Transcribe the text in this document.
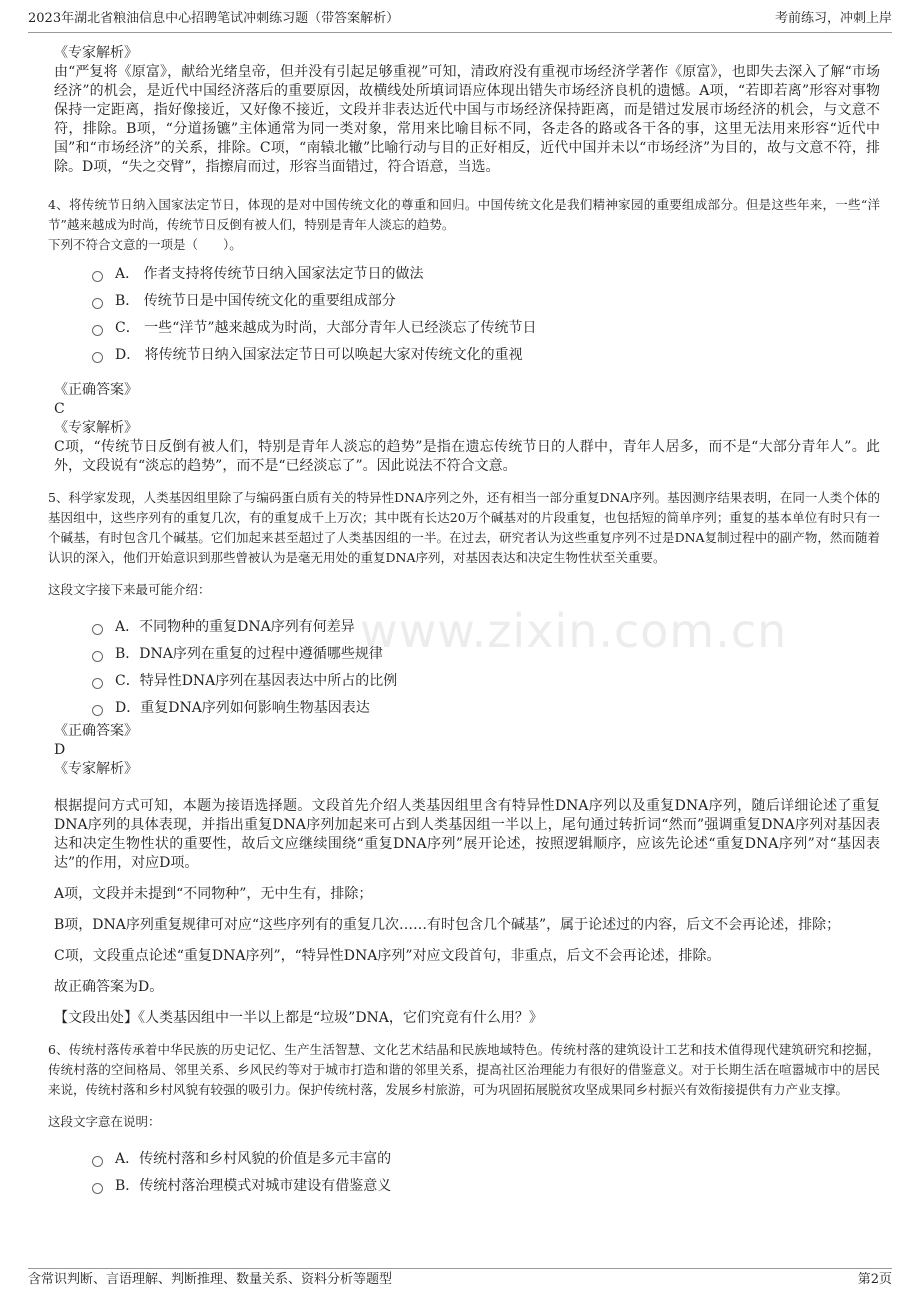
2023年湖北省粮油信息中心招聘笔试冲刺练习题（带答案解析）	考前练习，冲刺上岸
www.zixin.com.cn

《专家解析》

由“严复将《原富》，献给光绪皇帝，但并没有引起足够重视”可知，清政府没有重视市场经济学著作《原富》，也即失去深入了解“市场经济”的机会，是近代中国经济落后的重要原因，故横线处所填词语应体现出错失市场经济良机的遗憾。A项，“若即若离”形容对事物保持一定距离，指好像接近，又好像不接近，文段并非表达近代中国与市场经济保持距离，而是错过发展市场经济的机会，与文意不符，排除。B项，“分道扬镳”主体通常为同一类对象，常用来比喻目标不同，各走各的路或各干各的事，这里无法用来形容“近代中国”和“市场经济”的关系，排除。C项，“南辕北辙”比喻行动与目的正好相反，近代中国并未以“市场经济”为目的，故与文意不符，排除。D项，“失之交臂”，指擦肩而过，形容当面错过，符合语意，当选。

4、将传统节日纳入国家法定节日，体现的是对中国传统文化的尊重和回归。中国传统文化是我们精神家园的重要组成部分。但是这些年来，一些“洋节”越来越成为时尚，传统节日反倒有被人们，特别是青年人淡忘的趋势。

下列不符合文意的一项是（　　）。

A． 作者支持将传统节日纳入国家法定节日的做法
B． 传统节日是中国传统文化的重要组成部分
C． 一些“洋节”越来越成为时尚，大部分青年人已经淡忘了传统节日
D． 将传统节日纳入国家法定节日可以唤起大家对传统文化的重视

《正确答案》

C

《专家解析》

C项，“传统节日反倒有被人们，特别是青年人淡忘的趋势”是指在遗忘传统节日的人群中，青年人居多，而不是“大部分青年人”。此外，文段说有“淡忘的趋势”，而不是“已经淡忘了”。因此说法不符合文意。

5、科学家发现，人类基因组里除了与编码蛋白质有关的特异性DNA序列之外，还有相当一部分重复DNA序列。基因测序结果表明，在同一人类个体的基因组中，这些序列有的重复几次，有的重复成千上万次；其中既有长达20万个碱基对的片段重复，也包括短的简单序列；重复的基本单位有时只有一个碱基，有时包含几个碱基。它们加起来甚至超过了人类基因组的一半。在过去，研究者认为这些重复序列不过是DNA复制过程中的副产物，然而随着认识的深入，他们开始意识到那些曾被认为是毫无用处的重复DNA序列，对基因表达和决定生物性状至关重要。

这段文字接下来最可能介绍：

A．不同物种的重复DNA序列有何差异
B．DNA序列在重复的过程中遵循哪些规律
C．特异性DNA序列在基因表达中所占的比例
D．重复DNA序列如何影响生物基因表达

《正确答案》

D

《专家解析》

根据提问方式可知，本题为接语选择题。文段首先介绍人类基因组里含有特异性DNA序列以及重复DNA序列，随后详细论述了重复DNA序列的具体表现，并指出重复DNA序列加起来可占到人类基因组一半以上，尾句通过转折词“然而”强调重复DNA序列对基因表达和决定生物性状的重要性，故后文应继续围绕“重复DNA序列”展开论述，按照逻辑顺序，应该先论述“重复DNA序列”对“基因表达”的作用，对应D项。

A项，文段并未提到“不同物种”，无中生有，排除；

B项，DNA序列重复规律可对应“这些序列有的重复几次……有时包含几个碱基”，属于论述过的内容，后文不会再论述，排除；

C项，文段重点论述“重复DNA序列”，“特异性DNA序列”对应文段首句，非重点，后文不会再论述，排除。

故正确答案为D。

【文段出处】《人类基因组中一半以上都是“垃圾”DNA，它们究竟有什么用？》

6、传统村落传承着中华民族的历史记忆、生产生活智慧、文化艺术结晶和民族地域特色。传统村落的建筑设计工艺和技术值得现代建筑研究和挖掘，传统村落的空间格局、邻里关系、乡风民约等对于城市打造和谐的邻里关系，提高社区治理能力有很好的借鉴意义。对于长期生活在喧嚣城市中的居民来说，传统村落和乡村风貌有较强的吸引力。保护传统村落，发展乡村旅游，可为巩固拓展脱贫攻坚成果同乡村振兴有效衔接提供有力产业支撑。

这段文字意在说明：

A．传统村落和乡村风貌的价值是多元丰富的
B．传统村落治理模式对城市建设有借鉴意义
含常识判断、言语理解、判断推理、数量关系、资料分析等题型	第2页
